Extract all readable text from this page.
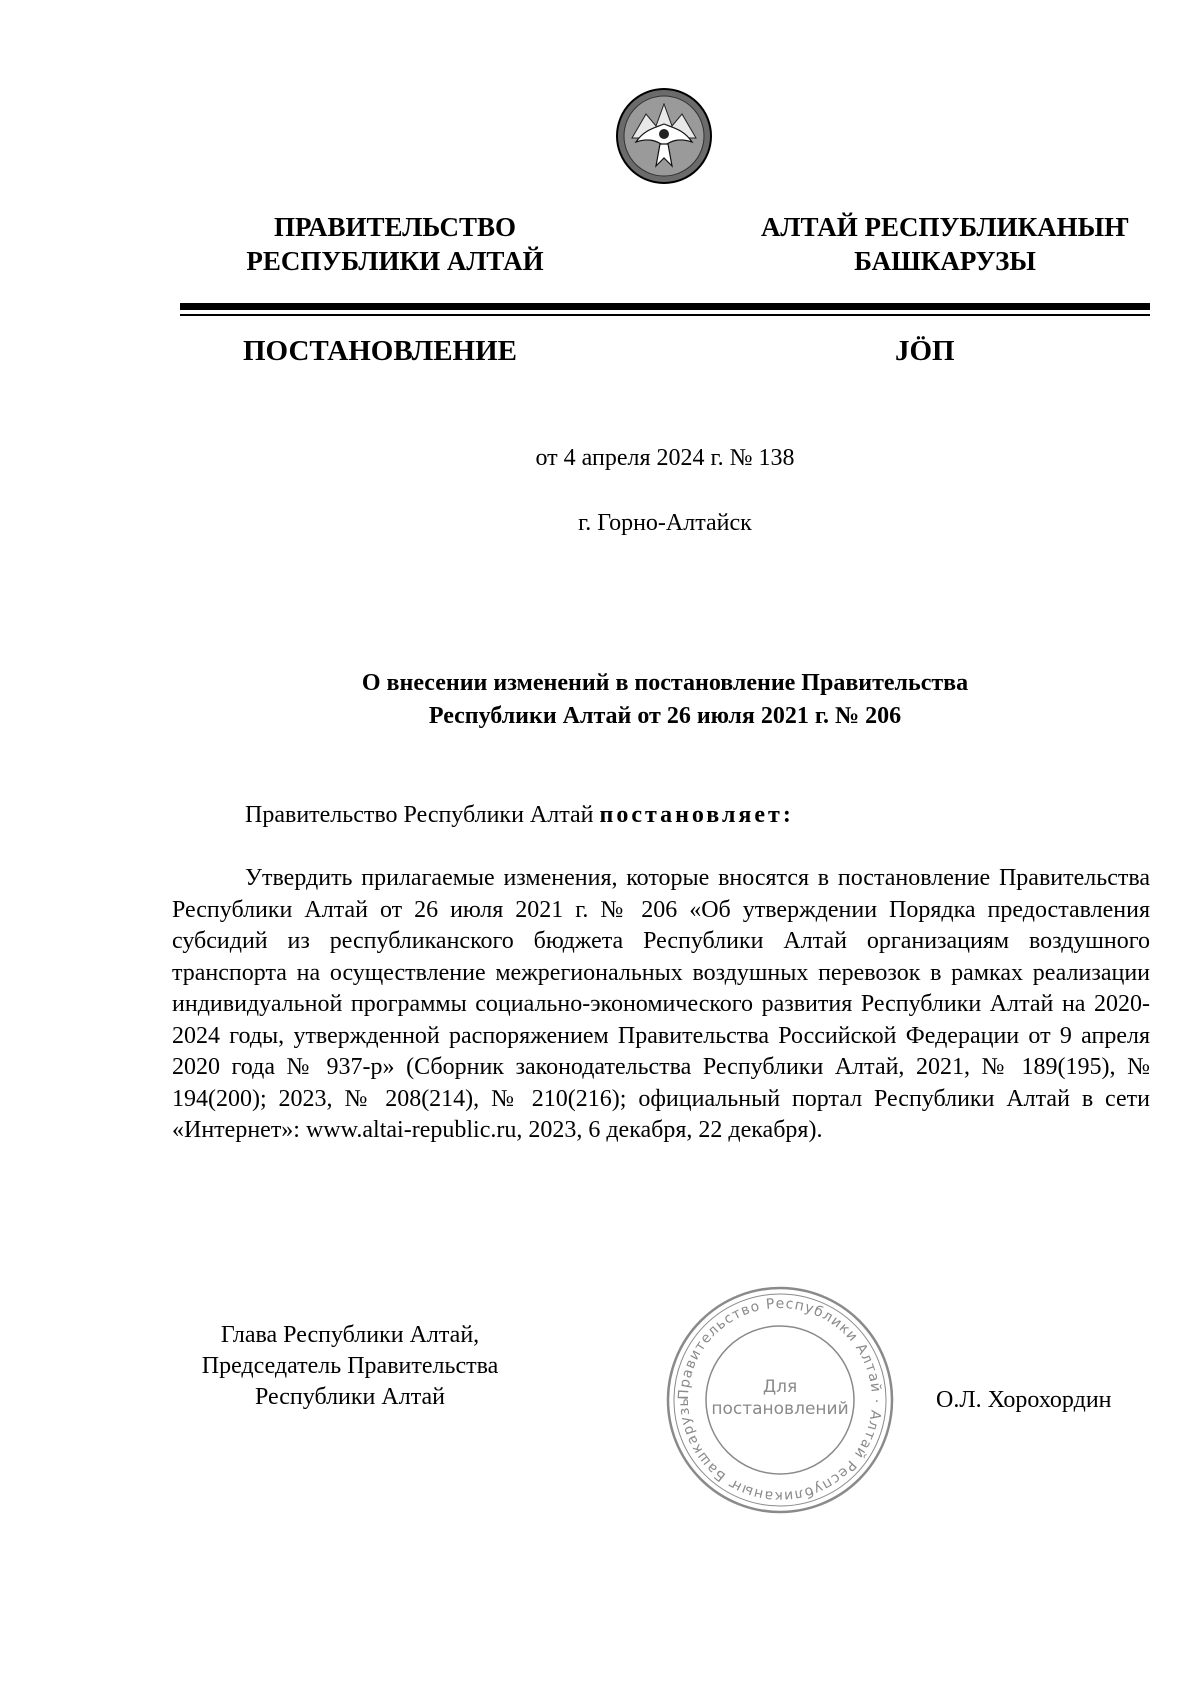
ПРАВИТЕЛЬСТВО
РЕСПУБЛИКИ АЛТАЙ
АЛТАЙ РЕСПУБЛИКАНЫҤ
БАШКАРУЗЫ
ПОСТАНОВЛЕНИЕ	JӦП
от 4 апреля 2024 г. № 138
г. Горно-Алтайск
О внесении изменений в постановление Правительства
Республики Алтай от 26 июля 2021 г. № 206
Правительство Республики Алтай постановляет:

Утвердить прилагаемые изменения, которые вносятся в постановление Правительства Республики Алтай от 26 июля 2021 г. № 206 «Об утверждении Порядка предоставления субсидий из республиканского бюджета Республики Алтай организациям воздушного транспорта на осуществление межрегиональных воздушных перевозок в рамках реализации индивидуальной программы социально-экономического развития Республики Алтай на 2020-2024 годы, утвержденной распоряжением Правительства Российской Федерации от 9 апреля 2020 года № 937-р» (Сборник законодательства Республики Алтай, 2021, № 189(195), № 194(200); 2023, № 208(214), № 210(216); официальный портал Республики Алтай в сети «Интернет»: www.altai-republic.ru, 2023, 6 декабря, 22 декабря).

Глава Республики Алтай,
Председатель Правительства
Республики Алтай	Правительство Республики Алтай · Алтай Республиканыҥ Башкарузы
Для
постановлений	О.Л. Хорохордин
